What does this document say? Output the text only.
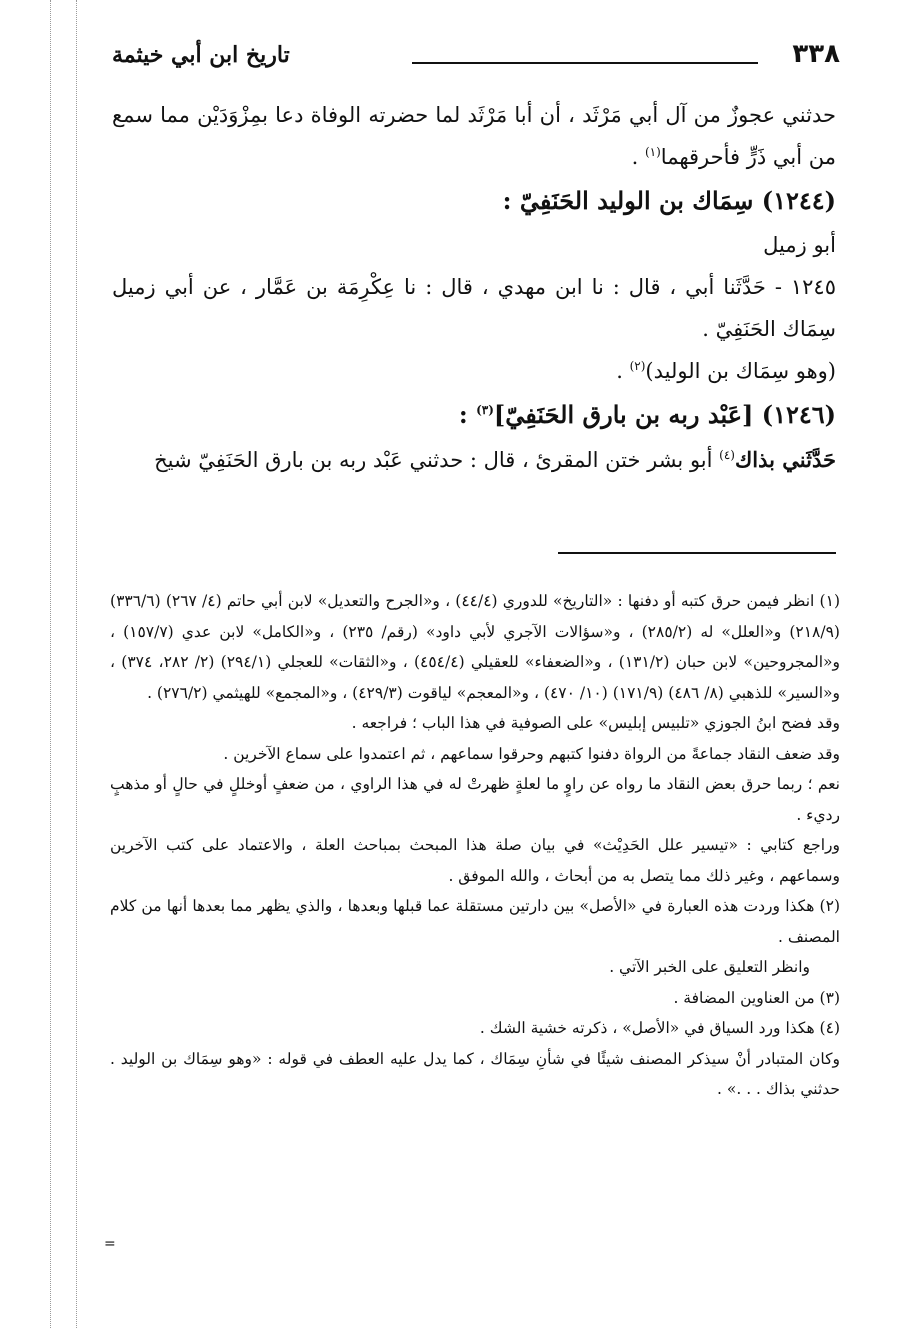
٣٣٨
تاريخ ابن أبي خيثمة

حدثني عجوزٌ من آل أبي مَرْثَد ، أن أبا مَرْثَد لما حضرته الوفاة دعا بمِزْوَدَيْن مما سمع من أبي ذَرٍّ فأحرقهما$^{(١)}$ .

(١٢٤٤) سِمَاك بن الوليد الحَنَفِيّ :

أبو زميل

١٢٤٥ - حَدَّثَنا أبي ، قال : نا ابن مهدي ، قال : نا عِكْرِمَة بن عَمَّار ، عن أبي زميل سِمَاك الحَنَفِيّ .

(وهو سِمَاك بن الوليد)$^{(٢)}$ .

(١٢٤٦) [عَبْد ربه بن بارق الحَنَفِيّ]$^{(٣)}$ :

حَدَّثَني بذاك$^{(٤)}$ أبو بشر ختن المقرئ ، قال : حدثني عَبْد ربه بن بارق الحَنَفِيّ شيخ

(١) انظر فيمن حرق كتبه أو دفنها : «التاريخ» للدوري (٤٤/٤) ، و«الجرح والتعديل» لابن أبي حاتم (٤/ ٢٦٧) (٣٣٦/٦) (٢١٨/٩) و«العلل» له (٢٨٥/٢) ، و«سؤالات الآجري لأبي داود» (رقم/ ٢٣٥) ، و«الكامل» لابن عدي (١٥٧/٧) ، و«المجروحين» لابن حبان (١٣١/٢) ، و«الضعفاء» للعقيلي (٤٥٤/٤) ، و«الثقات» للعجلي (٢٩٤/١) (٢/ ٢٨٢، ٣٧٤) ، و«السير» للذهبي (٨/ ٤٨٦) (١٧١/٩) (١٠/ ٤٧٠) ، و«المعجم» لياقوت (٤٢٩/٣) ، و«المجمع» للهيثمي (٢٧٦/٢) .

وقد فضح ابنُ الجوزي «تلبيس إبليس» على الصوفية في هذا الباب ؛ فراجعه .

وقد ضعف النقاد جماعةً من الرواة دفنوا كتبهم وحرقوا سماعهم ، ثم اعتمدوا على سماع الآخرين .

نعم ؛ ربما حرق بعض النقاد ما رواه عن راوٍ ما لعلةٍ ظهرتْ له في هذا الراوي ، من ضعفٍ أوخللٍ في حالٍ أو مذهبٍ رديء .

وراجع كتابي : «تيسير علل الحَدِيْث» في بيان صلة هذا المبحث بمباحث العلة ، والاعتماد على كتب الآخرين وسماعهم ، وغير ذلك مما يتصل به من أبحاث ، والله الموفق .

(٢) هكذا وردت هذه العبارة في «الأصل» بين دارتين مستقلة عما قبلها وبعدها ، والذي يظهر مما بعدها أنها من كلام المصنف .

وانظر التعليق على الخبر الآتي .

(٣) من العناوين المضافة .

(٤) هكذا ورد السياق في «الأصل» ، ذكرته خشية الشك .

وكان المتبادر أنْ سيذكر المصنف شيئًا في شأنِ سِمَاك ، كما يدل عليه العطف في قوله : «وهو سِمَاك بن الوليد . حدثني بذاك . . .» .

=
